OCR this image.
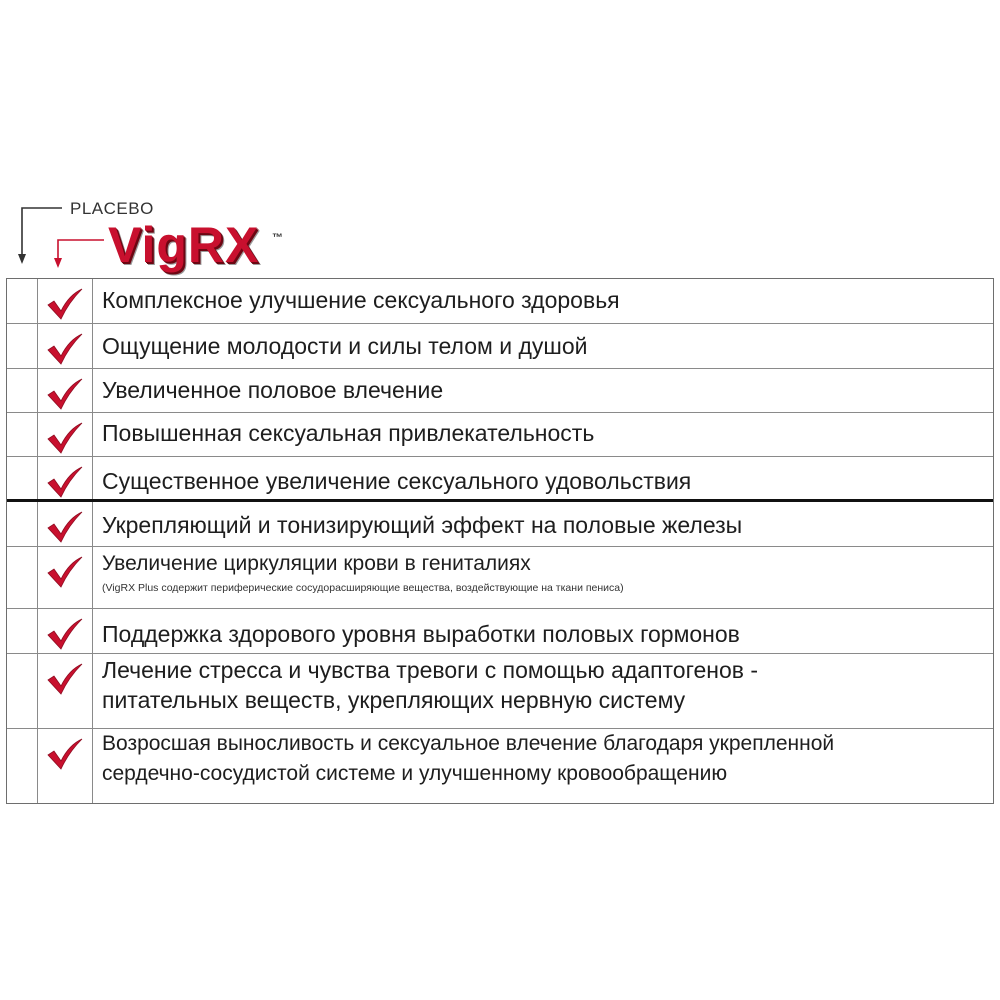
PLACEBO
VigRX ™
Комплексное улучшение сексуального здоровья
Ощущение молодости и силы телом и душой
Увеличенное половое влечение
Повышенная сексуальная привлекательность
Существенное увеличение сексуального удовольствия
Укрепляющий и тонизирующий эффект на половые железы
Увеличение циркуляции крови в гениталиях
(VigRX Plus содержит периферические сосудорасширяющие вещества, воздействующие на ткани пениса)
Поддержка здорового уровня выработки половых гормонов
Лечение стресса и чувства тревоги с помощью адаптогенов -
питательных веществ, укрепляющих нервную систему
Возросшая выносливость и сексуальное влечение благодаря укрепленной
сердечно-сосудистой системе и улучшенному кровообращению
